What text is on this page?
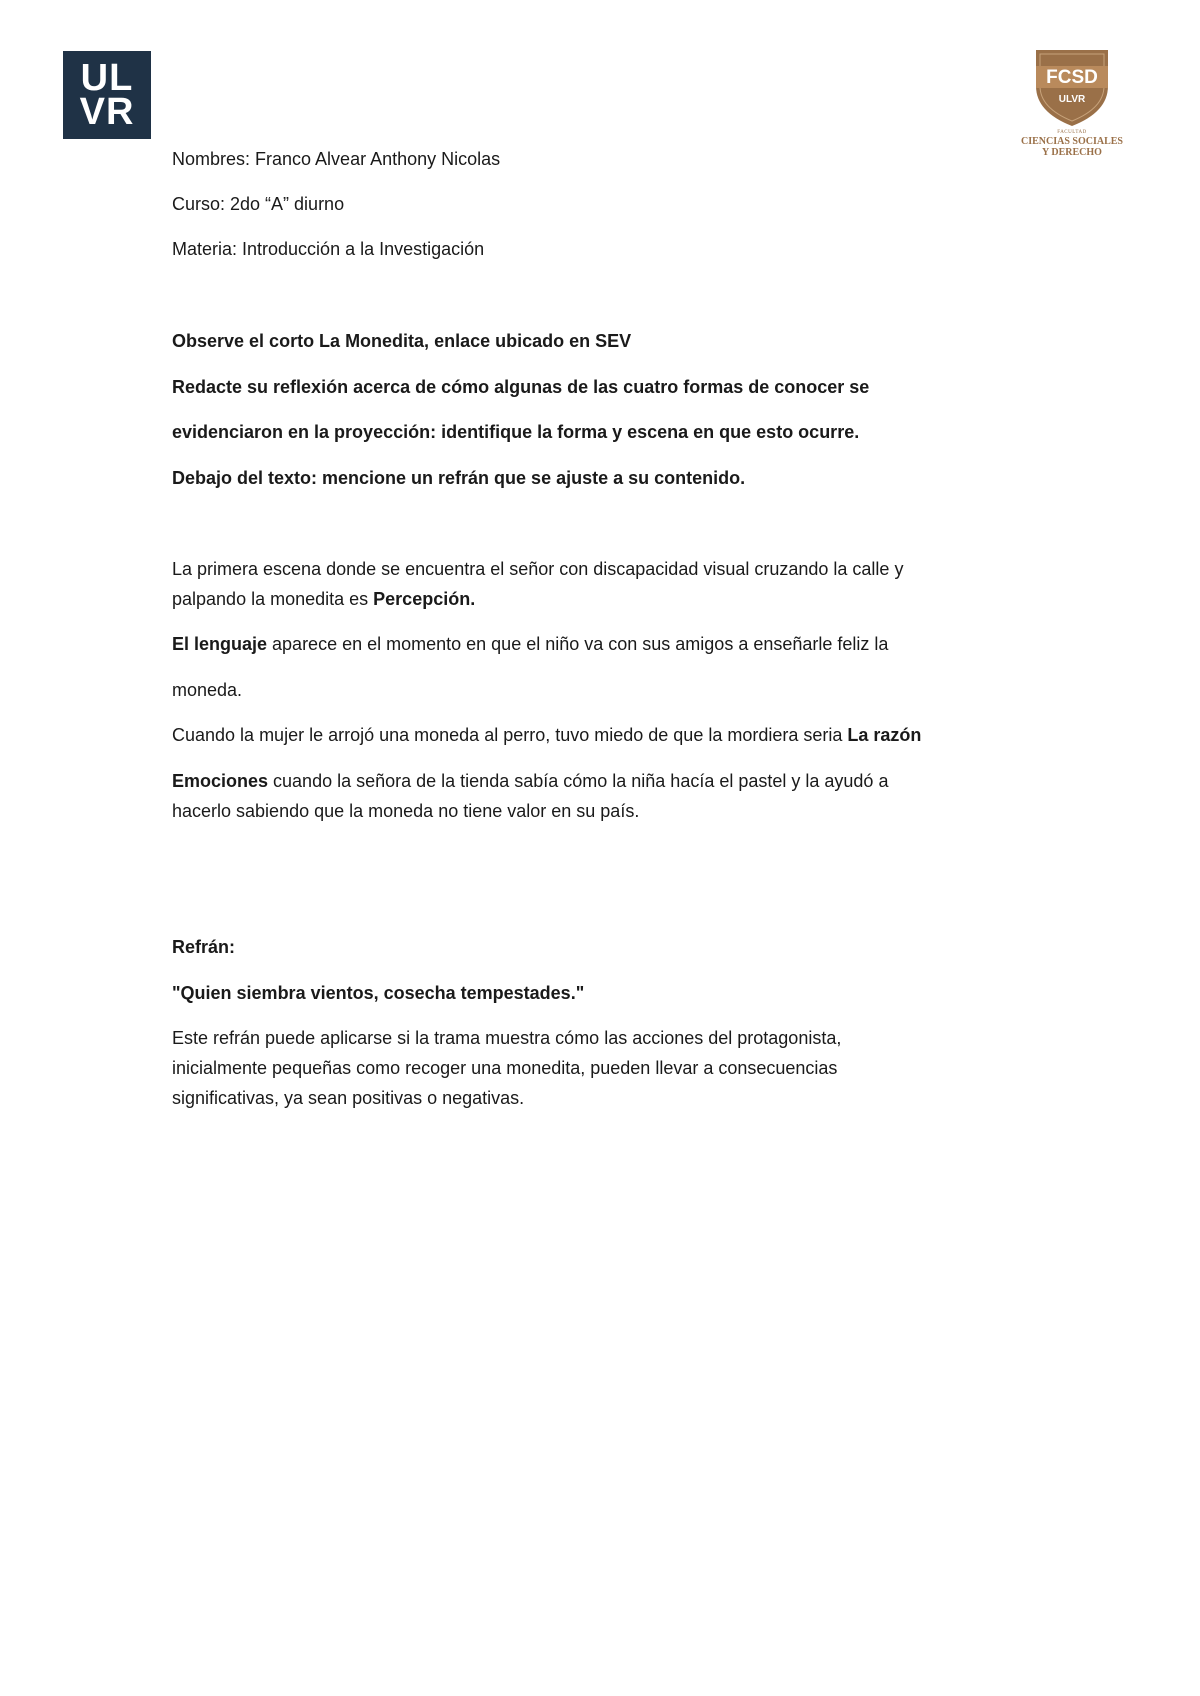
UL
VR
FCSD
ULVR
FACULTAD
CIENCIAS SOCIALES
Y DERECHO
Nombres: Franco Alvear Anthony Nicolas
Curso: 2do “A” diurno
Materia: Introducción a la Investigación
Observe el corto La Monedita, enlace ubicado en SEV
Redacte su reflexión acerca de cómo algunas de las cuatro formas de conocer se
evidenciaron en la proyección: identifique la forma y escena en que esto ocurre.
Debajo del texto: mencione un refrán que se ajuste a su contenido.
La primera escena donde se encuentra el señor con discapacidad visual cruzando la calle y
palpando la monedita es Percepción.
El lenguaje aparece en el momento en que el niño va con sus amigos a enseñarle feliz la
moneda.
Cuando la mujer le arrojó una moneda al perro, tuvo miedo de que la mordiera seria La razón
Emociones cuando la señora de la tienda sabía cómo la niña hacía el pastel y la ayudó a
hacerlo sabiendo que la moneda no tiene valor en su país.
Refrán:
"Quien siembra vientos, cosecha tempestades."
Este refrán puede aplicarse si la trama muestra cómo las acciones del protagonista,
inicialmente pequeñas como recoger una monedita, pueden llevar a consecuencias
significativas, ya sean positivas o negativas.
